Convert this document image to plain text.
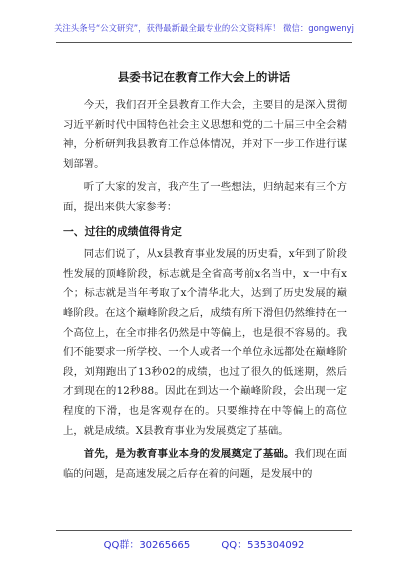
关注头条号“公文研究”，获得最新最全最专业的公文资料库！ 微信：gongwenyj
县委书记在教育工作大会上的讲话

今天，我们召开全县教育工作大会，主要目的是深入贯彻习近平新时代中国特色社会主义思想和党的二十届三中全会精神，分析研判我县教育工作总体情况，并对下一步工作进行谋划部署。

听了大家的发言，我产生了一些想法，归纳起来有三个方面，提出来供大家参考：

一、过往的成绩值得肯定

同志们说了，从x县教育事业发展的历史看，x年到了阶段性发展的顶峰阶段，标志就是全省高考前x名当中，x一中有x个；标志就是当年考取了x个清华北大，达到了历史发展的巅峰阶段。在这个巅峰阶段之后，成绩有所下滑但仍然维持在一个高位上，在全市排名仍然是中等偏上，也是很不容易的。我们不能要求一所学校、一个人或者一个单位永远都处在巅峰阶段，刘翔跑出了13秒02的成绩，也过了很久的低迷期，然后才到现在的12秒88。因此在到达一个巅峰阶段，会出现一定程度的下滑，也是客观存在的。只要维持在中等偏上的高位上，就是成绩。X县教育事业为发展奠定了基础。

首先，是为教育事业本身的发展奠定了基础。我们现在面临的问题，是高速发展之后存在着的问题，是发展中的

QQ群：30265665	QQ：535304092
